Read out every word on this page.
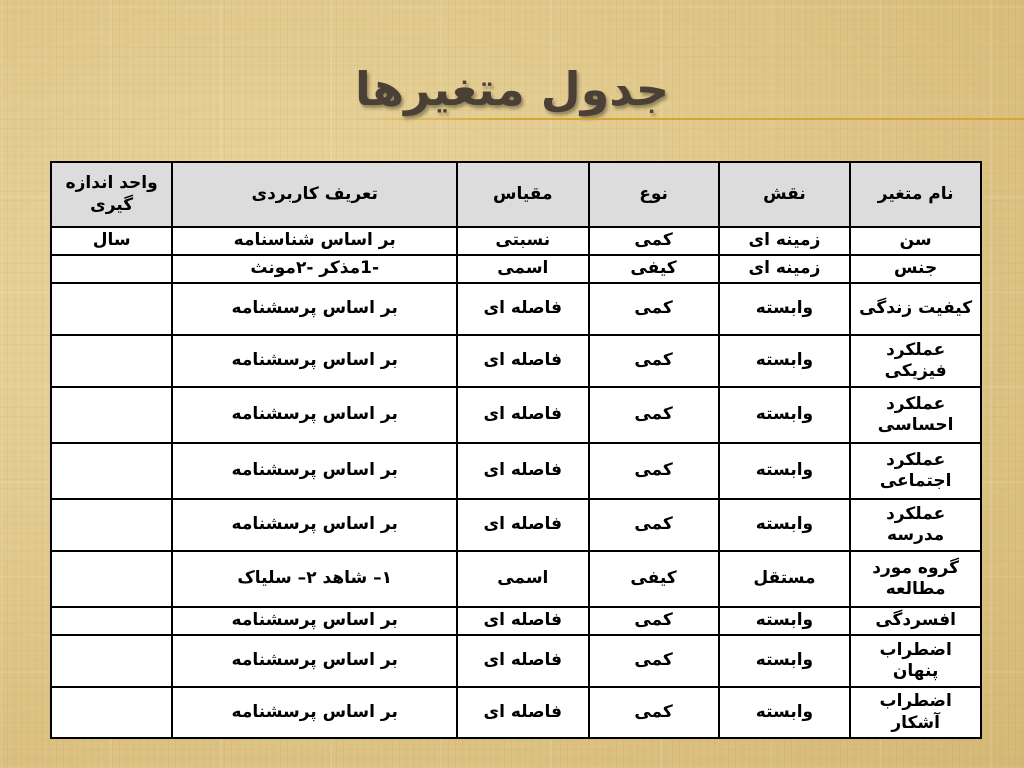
جدول متغیرها
نام متغیر	نقش	نوع	مقیاس	تعریف کاربردی	واحد اندازه گیری
سن	زمینه ای	کمی	نسبتی	بر اساس شناسنامه	سال
جنس	زمینه ای	کیفی	اسمی	-1مذکر -۲مونث	
کیفیت زندگی	وابسته	کمی	فاصله ای	بر اساس پرسشنامه	
عملکرد فیزیکی	وابسته	کمی	فاصله ای	بر اساس پرسشنامه	
عملکرد احساسی	وابسته	کمی	فاصله ای	بر اساس پرسشنامه	
عملکرد اجتماعی	وابسته	کمی	فاصله ای	بر اساس پرسشنامه	
عملکرد مدرسه	وابسته	کمی	فاصله ای	بر اساس پرسشنامه	
گروه مورد مطالعه	مستقل	کیفی	اسمی	۱– شاهد ۲– سلیاک	
افسردگی	وابسته	کمی	فاصله ای	بر اساس پرسشنامه	
اضطراب پنهان	وابسته	کمی	فاصله ای	بر اساس پرسشنامه	
اضطراب آشکار	وابسته	کمی	فاصله ای	بر اساس پرسشنامه	
